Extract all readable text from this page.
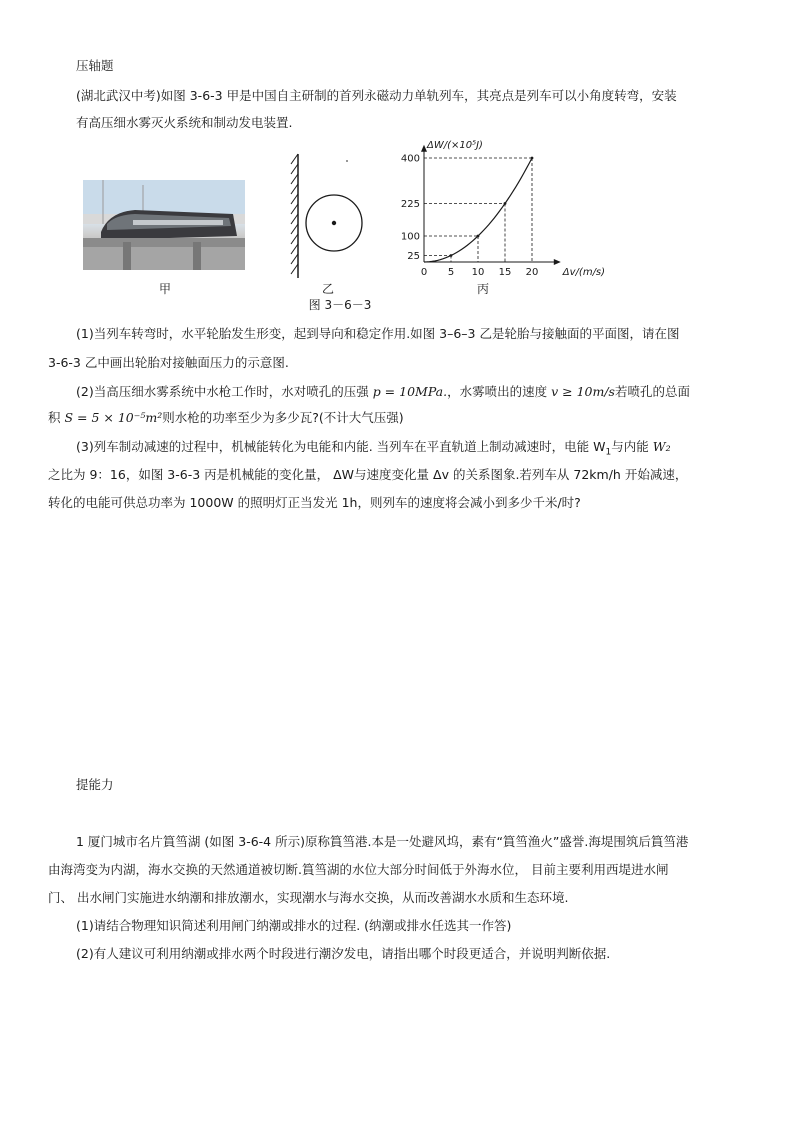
压轴题
(湖北武汉中考)如图 3-6-3 甲是中国自主研制的首列永磁动力单轨列车，其亮点是列车可以小角度转弯，安装
有高压细水雾灭火系统和制动发电装置.
甲	乙
ΔW/(×10⁵J)
Δv/(m/s)
0 5 10 15 20
25
100
225
400
丙
图 3－6－3
(1)当列车转弯时，水平轮胎发生形变，起到导向和稳定作用.如图 3–6–3 乙是轮胎与接触面的平面图，请在图
3-6-3 乙中画出轮胎对接触面压力的示意图.
(2)当高压细水雾系统中水枪工作时，水对喷孔的压强 p = 10MPa.，水雾喷出的速度 v ≥ 10m/s若喷孔的总面
积 S = 5 × 10⁻⁵m²则水枪的功率至少为多少瓦?(不计大气压强)
(3)列车制动减速的过程中，机械能转化为电能和内能. 当列车在平直轨道上制动减速时，电能 $W_1$与内能 W₂
之比为 9：16，如图 3-6-3 丙是机械能的变化量， ΔW与速度变化量 Δv 的关系图象.若列车从 72km/h 开始减速，
转化的电能可供总功率为 1000W 的照明灯正当发光 1h，则列车的速度将会减小到多少千米/时?
提能力
1 厦门城市名片篔筜湖 (如图 3-6-4 所示)原称篔筜港.本是一处避风坞，素有“篔筜渔火”盛誉.海堤围筑后篔筜港
由海湾变为内湖，海水交换的天然通道被切断.篔筜湖的水位大部分时间低于外海水位， 目前主要利用西堤进水闸
门、 出水闸门实施进水纳潮和排放潮水，实现潮水与海水交换，从而改善湖水水质和生态环境.
(1)请结合物理知识简述利用闸门纳潮或排水的过程. (纳潮或排水任选其一作答)
(2)有人建议可利用纳潮或排水两个时段进行潮汐发电，请指出哪个时段更适合，并说明判断依据.
